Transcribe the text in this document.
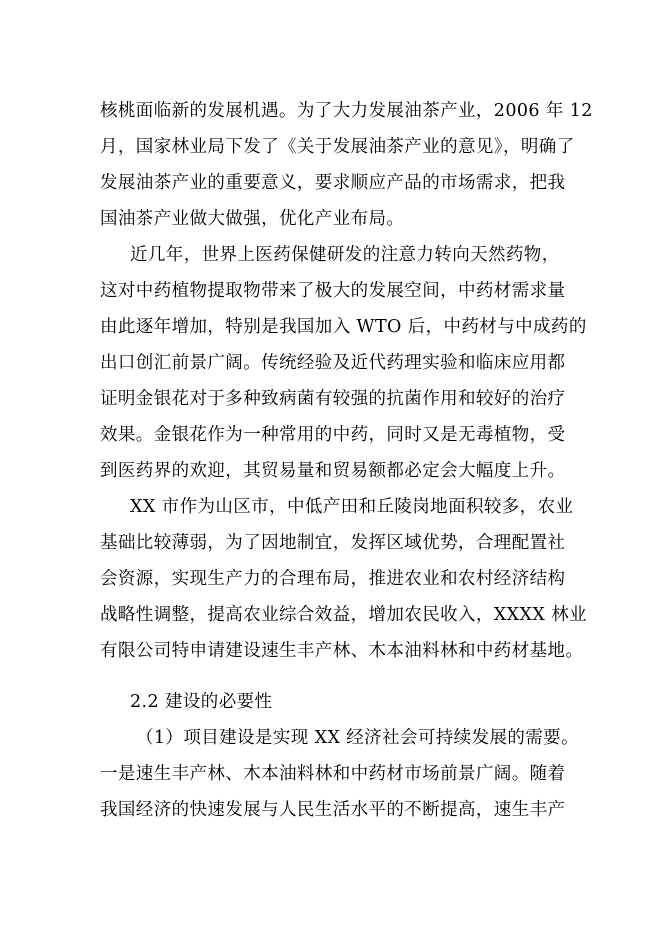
核桃面临新的发展机遇。为了大力发展油茶产业，2006 年 12
月，国家林业局下发了《关于发展油茶产业的意见》，明确了
发展油茶产业的重要意义，要求顺应产品的市场需求，把我
国油茶产业做大做强，优化产业布局。
近几年，世界上医药保健研发的注意力转向天然药物，
这对中药植物提取物带来了极大的发展空间，中药材需求量
由此逐年增加，特别是我国加入 WTO 后，中药材与中成药的
出口创汇前景广阔。传统经验及近代药理实验和临床应用都
证明金银花对于多种致病菌有较强的抗菌作用和较好的治疗
效果。金银花作为一种常用的中药，同时又是无毒植物，受
到医药界的欢迎，其贸易量和贸易额都必定会大幅度上升。
XX 市作为山区市，中低产田和丘陵岗地面积较多，农业
基础比较薄弱，为了因地制宜，发挥区域优势，合理配置社
会资源，实现生产力的合理布局，推进农业和农村经济结构
战略性调整，提高农业综合效益，增加农民收入，XXXX 林业
有限公司特申请建设速生丰产林、木本油料林和中药材基地。
2.2 建设的必要性
（1）项目建设是实现 XX 经济社会可持续发展的需要。
一是速生丰产林、木本油料林和中药材市场前景广阔。随着
我国经济的快速发展与人民生活水平的不断提高，速生丰产
